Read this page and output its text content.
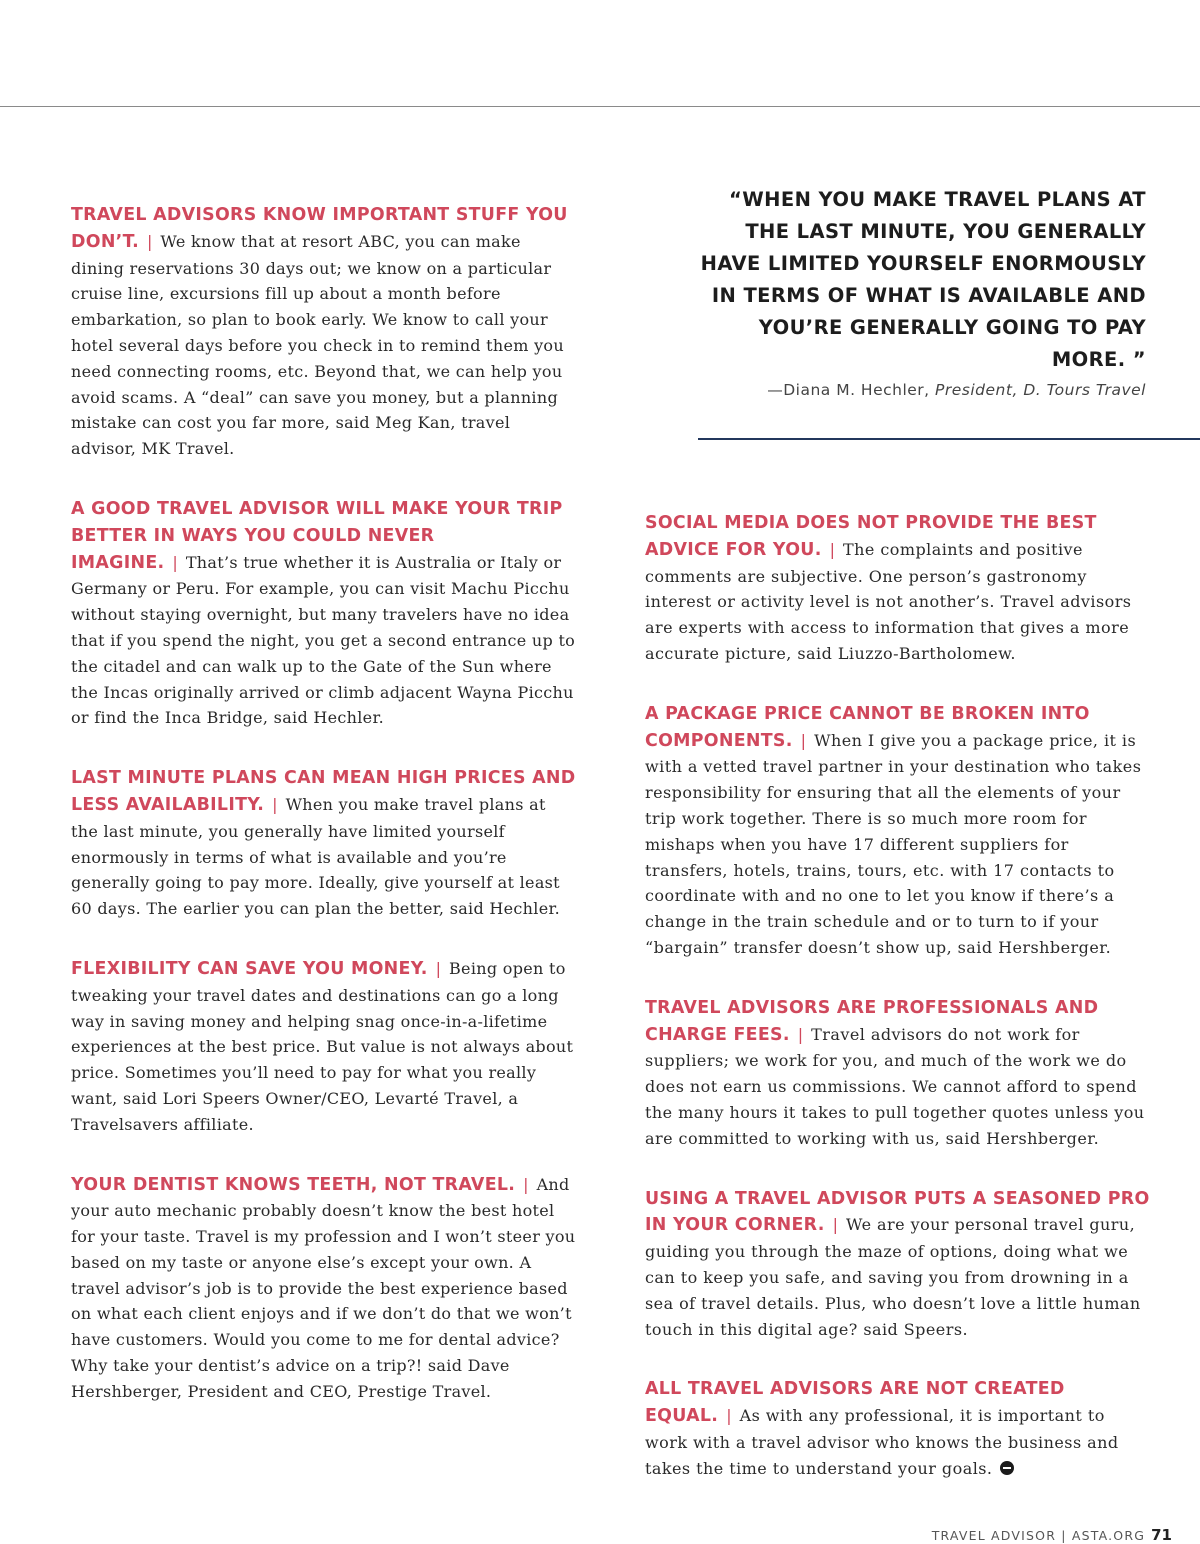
TRAVEL ADVISORS KNOW IMPORTANT STUFF YOU DON’T. | We know that at resort ABC, you can make dining reservations 30 days out; we know on a particular cruise line, excursions fill up about a month before embarkation, so plan to book early. We know to call your hotel several days before you check in to remind them you need connecting rooms, etc. Beyond that, we can help you avoid scams. A “deal” can save you money, but a planning mistake can cost you far more, said Meg Kan, travel advisor, MK Travel.

A GOOD TRAVEL ADVISOR WILL MAKE YOUR TRIP BETTER IN WAYS YOU COULD NEVER IMAGINE. | That’s true whether it is Australia or Italy or Germany or Peru. For example, you can visit Machu Picchu without staying overnight, but many travelers have no idea that if you spend the night, you get a second entrance up to the citadel and can walk up to the Gate of the Sun where the Incas originally arrived or climb adjacent Wayna Picchu or find the Inca Bridge, said Hechler.

LAST MINUTE PLANS CAN MEAN HIGH PRICES AND LESS AVAILABILITY. | When you make travel plans at the last minute, you generally have limited yourself enormously in terms of what is available and you’re generally going to pay more. Ideally, give yourself at least 60 days. The earlier you can plan the better, said Hechler.

FLEXIBILITY CAN SAVE YOU MONEY. | Being open to tweaking your travel dates and destinations can go a long way in saving money and helping snag once-in-a-lifetime experiences at the best price. But value is not always about price. Sometimes you’ll need to pay for what you really want, said Lori Speers Owner/CEO, Levarté Travel, a Travelsavers affiliate.

YOUR DENTIST KNOWS TEETH, NOT TRAVEL. | And your auto mechanic probably doesn’t know the best hotel for your taste. Travel is my profession and I won’t steer you based on my taste or anyone else’s except your own. A travel advisor’s job is to provide the best experience based on what each client enjoys and if we don’t do that we won’t have customers. Would you come to me for dental advice? Why take your dentist’s advice on a trip?! said Dave Hershberger, President and CEO, Prestige Travel.

“WHEN YOU MAKE TRAVEL PLANS AT THE LAST MINUTE, YOU GENERALLY HAVE LIMITED YOURSELF ENORMOUSLY IN TERMS OF WHAT IS AVAILABLE AND YOU’RE GENERALLY GOING TO PAY MORE. ”
—Diana M. Hechler, President, D. Tours Travel

SOCIAL MEDIA DOES NOT PROVIDE THE BEST ADVICE FOR YOU. | The complaints and positive comments are subjective. One person’s gastronomy interest or activity level is not another’s. Travel advisors are experts with access to information that gives a more accurate picture, said Liuzzo-Bartholomew.

A PACKAGE PRICE CANNOT BE BROKEN INTO COMPONENTS. | When I give you a package price, it is with a vetted travel partner in your destination who takes responsibility for ensuring that all the elements of your trip work together. There is so much more room for mishaps when you have 17 different suppliers for transfers, hotels, trains, tours, etc. with 17 contacts to coordinate with and no one to let you know if there’s a change in the train schedule and or to turn to if your “bargain” transfer doesn’t show up, said Hershberger.

TRAVEL ADVISORS ARE PROFESSIONALS AND CHARGE FEES. | Travel advisors do not work for suppliers; we work for you, and much of the work we do does not earn us commissions. We cannot afford to spend the many hours it takes to pull together quotes unless you are committed to working with us, said Hershberger.

USING A TRAVEL ADVISOR PUTS A SEASONED PRO IN YOUR CORNER. | We are your personal travel guru, guiding you through the maze of options, doing what we can to keep you safe, and saving you from drowning in a sea of travel details. Plus, who doesn’t love a little human touch in this digital age? said Speers.

ALL TRAVEL ADVISORS ARE NOT CREATED EQUAL. | As with any professional, it is important to work with a travel advisor who knows the business and takes the time to understand your goals.

TRAVEL ADVISOR | ASTA.ORG 71
